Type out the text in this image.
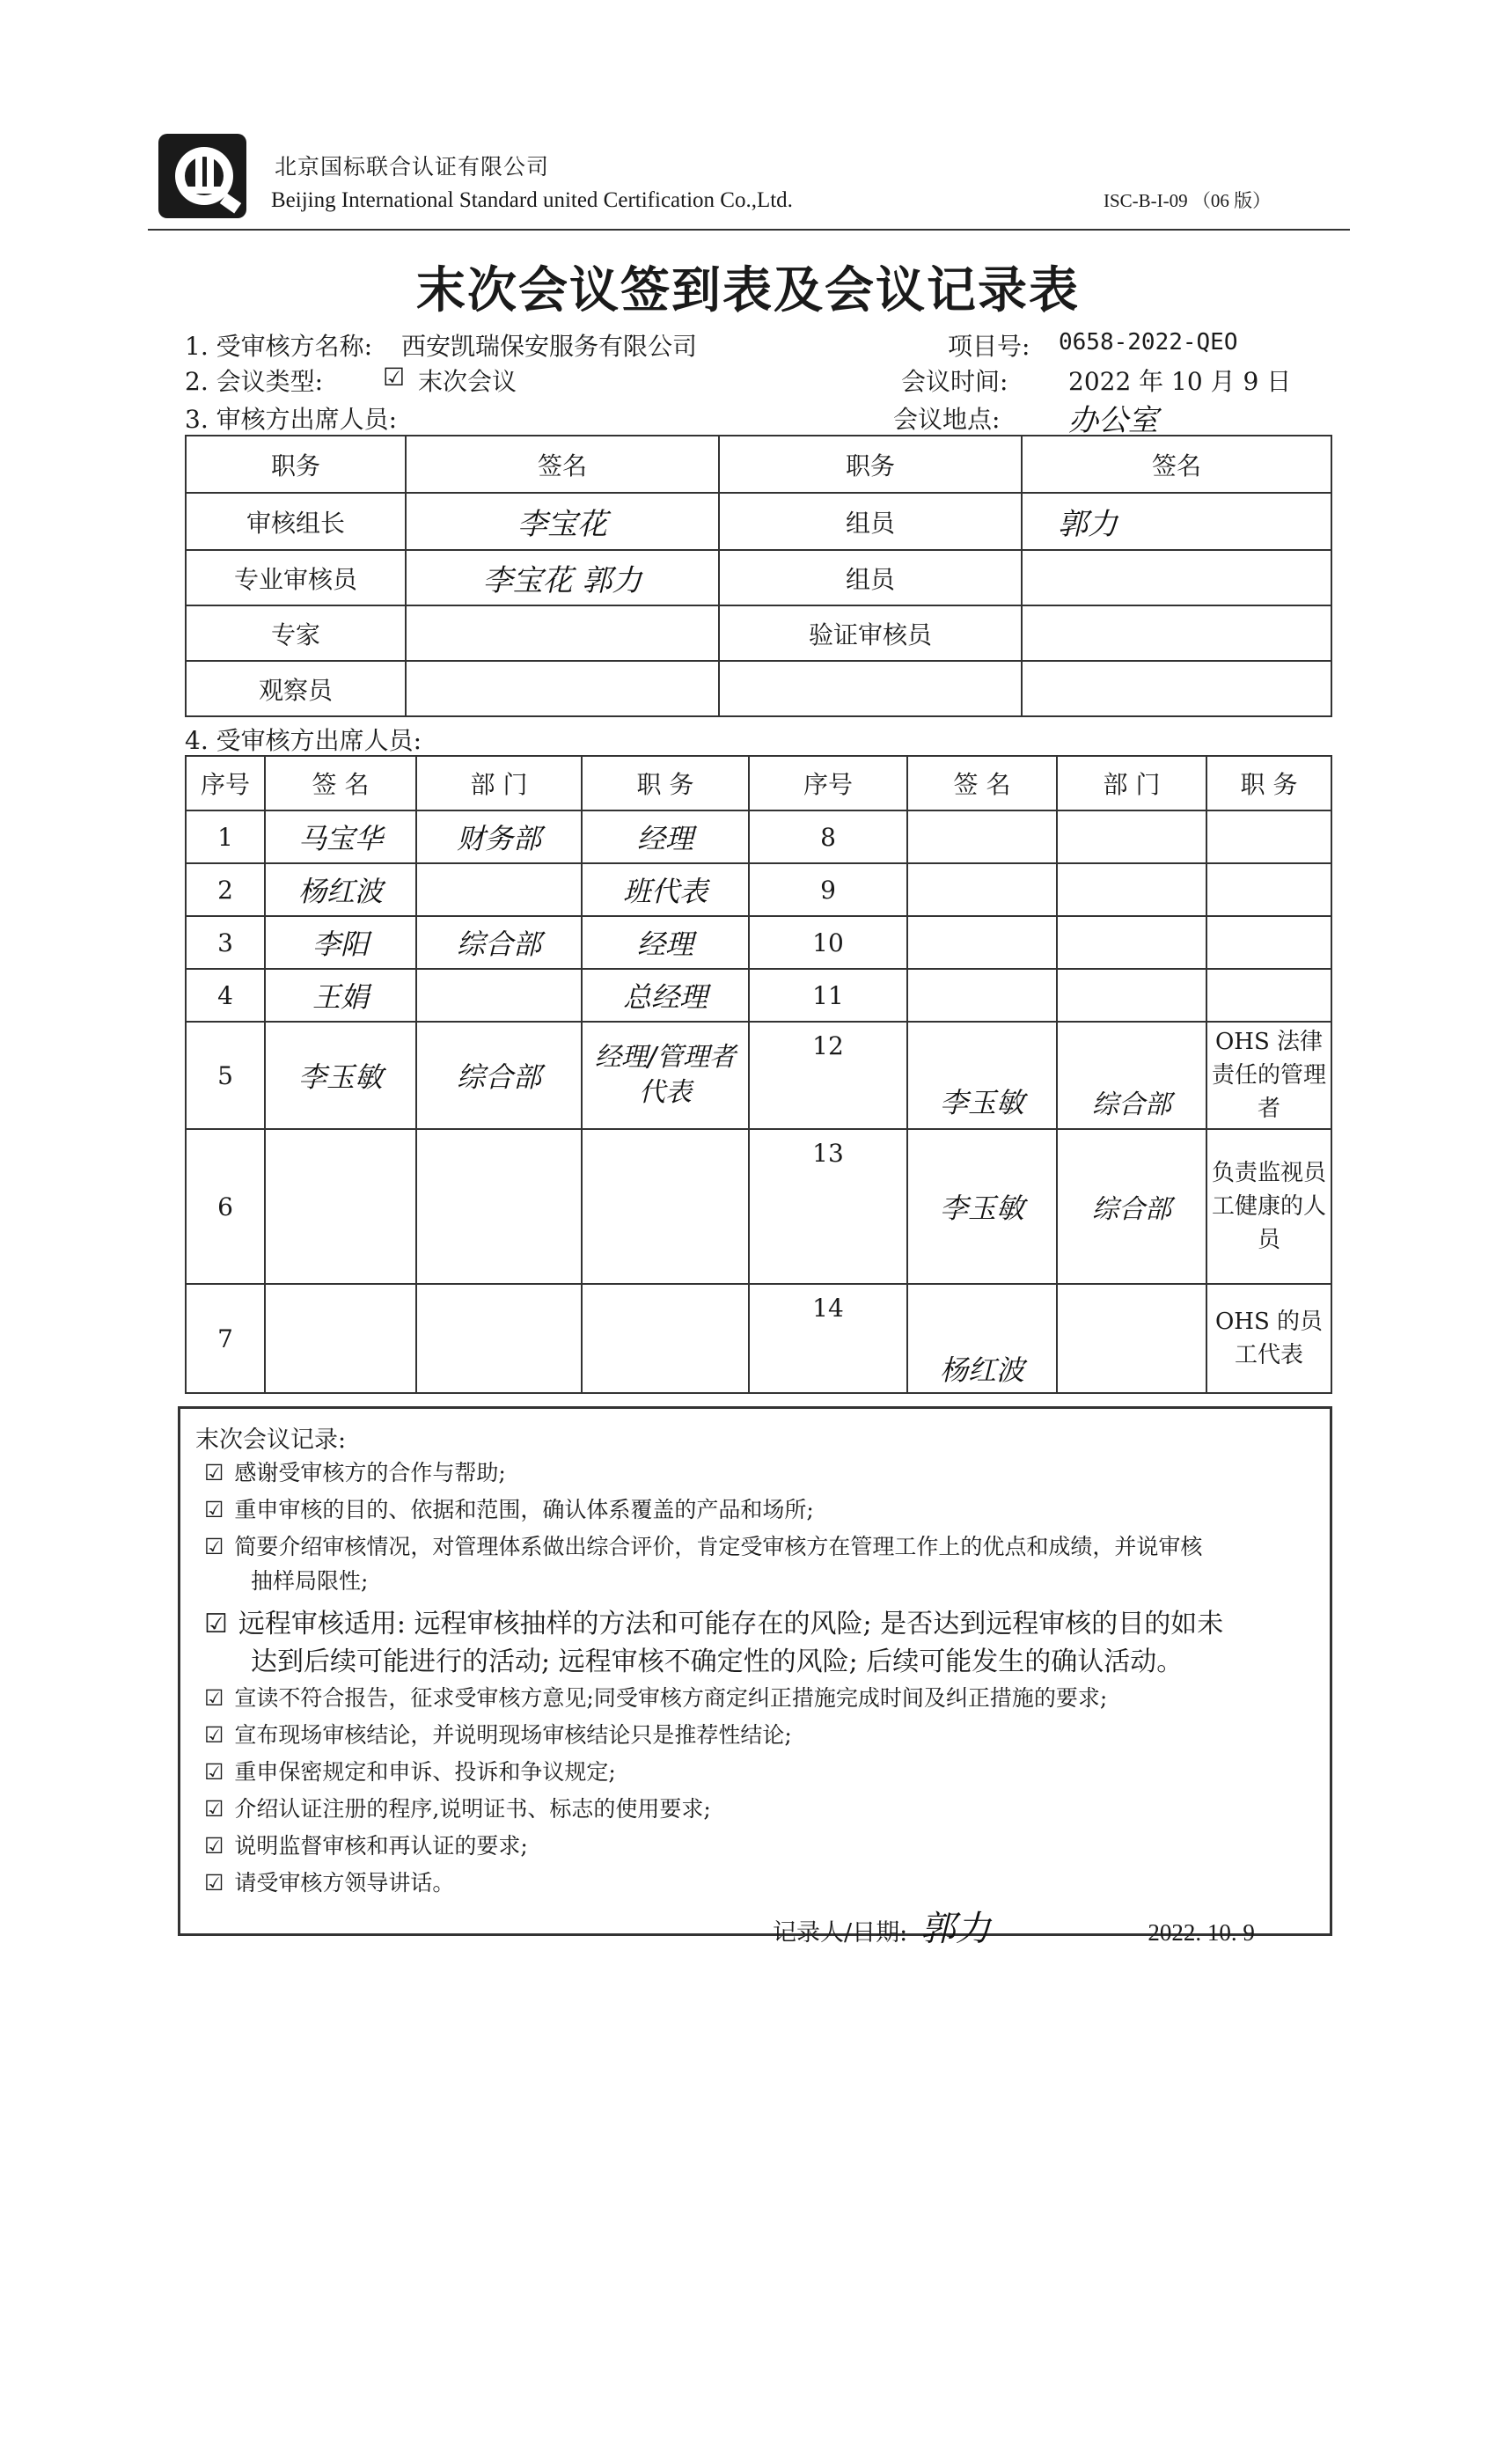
北京国标联合认证有限公司
Beijing International Standard united Certification Co.,Ltd.	ISC-B-I-09 （06 版）
末次会议签到表及会议记录表
1. 受审核方名称: 西安凯瑞保安服务有限公司	项目号: 0658-2022-QEO
2. 会议类型: ☑ 末次会议	会议时间: 2022 年 10 月 9 日
3. 审核方出席人员:	会议地点: 办公室
职务	签名	职务	签名
审核组长	李宝花	组员	郭力
专业审核员	李宝花 郭力	组员	
专家		验证审核员	
观察员			
4. 受审核方出席人员:
序号	签 名	部 门	职 务	序号	签 名	部 门	职 务
1	马宝华	财务部	经理	8			
2	杨红波		班代表	9			
3	李阳	综合部	经理	10			
4	王娟		总经理	11			
5	李玉敏	综合部	经理/管理者代表	12	李玉敏	综合部	OHS 法律责任的管理者
6				13	李玉敏	综合部	负责监视员工健康的人员
7				14	杨红波		OHS 的员工代表
末次会议记录:
☑ 感谢受审核方的合作与帮助;
☑ 重申审核的目的、依据和范围，确认体系覆盖的产品和场所;
☑ 简要介绍审核情况，对管理体系做出综合评价，肯定受审核方在管理工作上的优点和成绩，并说审核
抽样局限性;
☑ 远程审核适用: 远程审核抽样的方法和可能存在的风险; 是否达到远程审核的目的如未
达到后续可能进行的活动; 远程审核不确定性的风险; 后续可能发生的确认活动。
☑ 宣读不符合报告，征求受审核方意见;同受审核方商定纠正措施完成时间及纠正措施的要求;
☑ 宣布现场审核结论，并说明现场审核结论只是推荐性结论;
☑ 重申保密规定和申诉、投诉和争议规定;
☑ 介绍认证注册的程序,说明证书、标志的使用要求;
☑ 说明监督审核和再认证的要求;
☑ 请受审核方领导讲话。
记录人/日期: 郭力	2022. 10. 9
